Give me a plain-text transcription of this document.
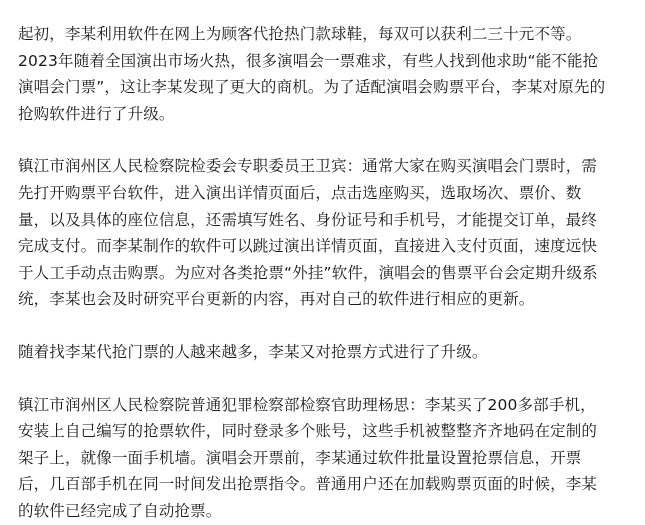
起初，李某利用软件在网上为顾客代抢热门款球鞋，每双可以获利二三十元不等。
2023年随着全国演出市场火热，很多演唱会一票难求，有些人找到他求助“能不能抢
演唱会门票”，这让李某发现了更大的商机。为了适配演唱会购票平台，李某对原先的
抢购软件进行了升级。

镇江市润州区人民检察院检委会专职委员王卫宾：通常大家在购买演唱会门票时，需
先打开购票平台软件，进入演出详情页面后，点击选座购买，选取场次、票价、数
量，以及具体的座位信息，还需填写姓名、身份证号和手机号，才能提交订单，最终
完成支付。而李某制作的软件可以跳过演出详情页面，直接进入支付页面，速度远快
于人工手动点击购票。为应对各类抢票“外挂”软件，演唱会的售票平台会定期升级系
统，李某也会及时研究平台更新的内容，再对自己的软件进行相应的更新。

随着找李某代抢门票的人越来越多，李某又对抢票方式进行了升级。

镇江市润州区人民检察院普通犯罪检察部检察官助理杨思：李某买了200多部手机，
安装上自己编写的抢票软件，同时登录多个账号，这些手机被整整齐齐地码在定制的
架子上，就像一面手机墙。演唱会开票前，李某通过软件批量设置抢票信息，开票
后，几百部手机在同一时间发出抢票指令。普通用户还在加载购票页面的时候，李某
的软件已经完成了自动抢票。
